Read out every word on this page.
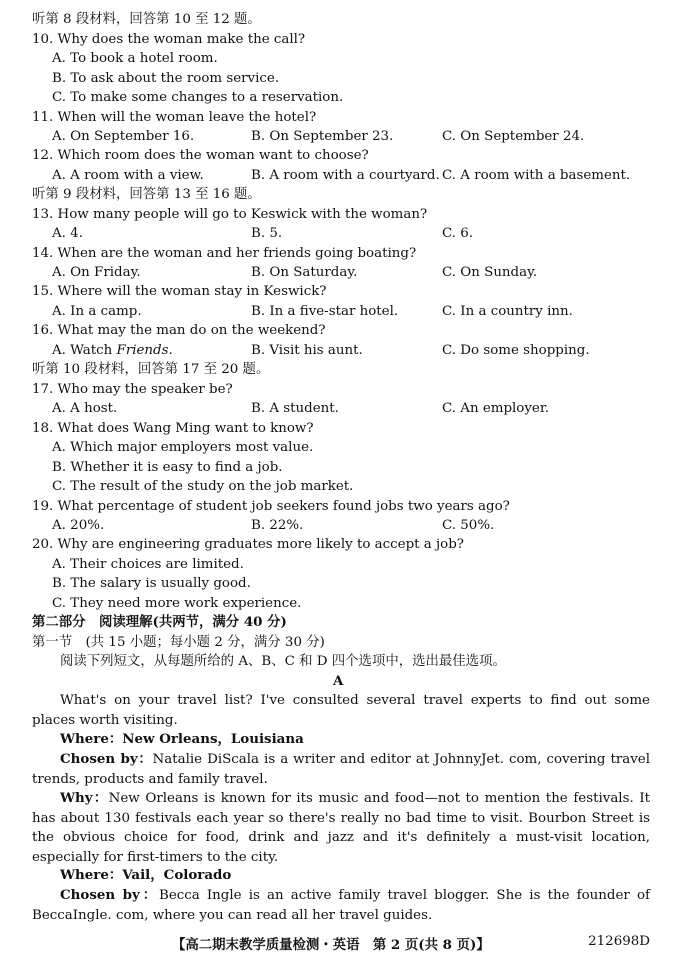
听第 8 段材料，回答第 10 至 12 题。
10. Why does the woman make the call?
A. To book a hotel room.
B. To ask about the room service.
C. To make some changes to a reservation.
11. When will the woman leave the hotel?
A. On September 16.	B. On September 23.	C. On September 24.
12. Which room does the woman want to choose?
A. A room with a view.	B. A room with a courtyard. C. A room with a basement.
听第 9 段材料，回答第 13 至 16 题。
13. How many people will go to Keswick with the woman?
A. 4.	B. 5.	C. 6.
14. When are the woman and her friends going boating?
A. On Friday.	B. On Saturday.	C. On Sunday.
15. Where will the woman stay in Keswick?
A. In a camp.	B. In a five-star hotel.	C. In a country inn.
16. What may the man do on the weekend?
A. Watch Friends.	B. Visit his aunt.	C. Do some shopping.
听第 10 段材料，回答第 17 至 20 题。
17. Who may the speaker be?
A. A host.	B. A student.	C. An employer.
18. What does Wang Ming want to know?
A. Which major employers most value.
B. Whether it is easy to find a job.
C. The result of the study on the job market.
19. What percentage of student job seekers found jobs two years ago?
A. 20%.	B. 22%.	C. 50%.
20. Why are engineering graduates more likely to accept a job?
A. Their choices are limited.
B. The salary is usually good.
C. They need more work experience.
第二部分　阅读理解(共两节，满分 40 分)
第一节　(共 15 小题；每小题 2 分，满分 30 分)
阅读下列短文，从每题所给的 A、B、C 和 D 四个选项中，选出最佳选项。
A
What's on your travel list? I've consulted several travel experts to find out some places worth visiting.
Where：New Orleans，Louisiana
Chosen by：Natalie DiScala is a writer and editor at JohnnyJet. com, covering travel trends, products and family travel.
Why：New Orleans is known for its music and food—not to mention the festivals. It has about 130 festivals each year so there's really no bad time to visit. Bourbon Street is the obvious choice for food, drink and jazz and it's definitely a must-visit location, especially for first-timers to the city.
Where：Vail，Colorado
Chosen by：Becca Ingle is an active family travel blogger. She is the founder of BeccaIngle. com, where you can read all her travel guides.
【高二期末教学质量检测・英语　第 2 页(共 8 页)】	212698D
